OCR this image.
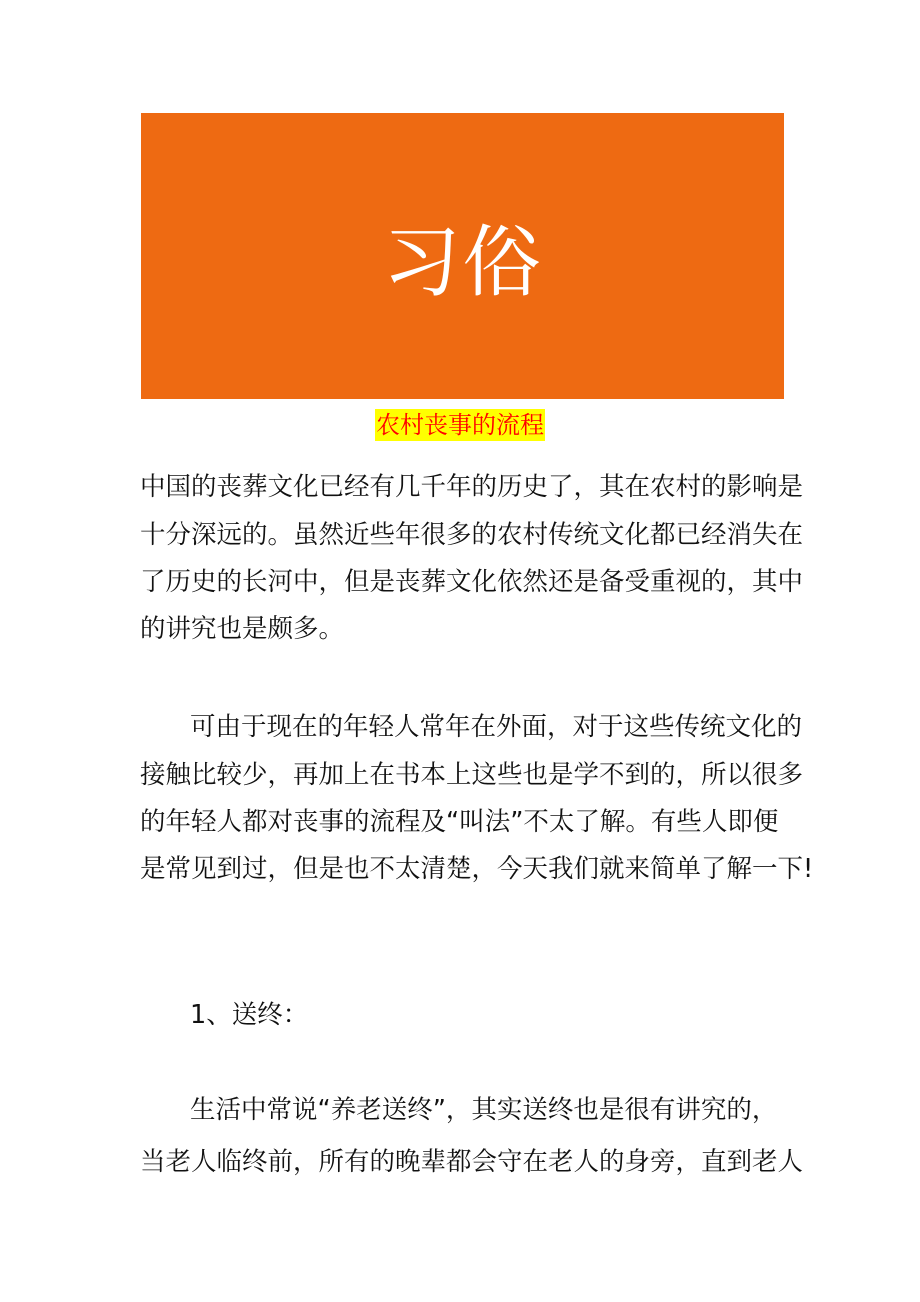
习俗
农村丧事的流程
中国的丧葬文化已经有几千年的历史了，其在农村的影响是
十分深远的。虽然近些年很多的农村传统文化都已经消失在
了历史的长河中，但是丧葬文化依然还是备受重视的，其中
的讲究也是颇多。
可由于现在的年轻人常年在外面，对于这些传统文化的
接触比较少，再加上在书本上这些也是学不到的，所以很多
的年轻人都对丧事的流程及“叫法”不太了解。有些人即便
是常见到过，但是也不太清楚，今天我们就来简单了解一下!
1、送终：
生活中常说“养老送终”，其实送终也是很有讲究的，
当老人临终前，所有的晚辈都会守在老人的身旁，直到老人
